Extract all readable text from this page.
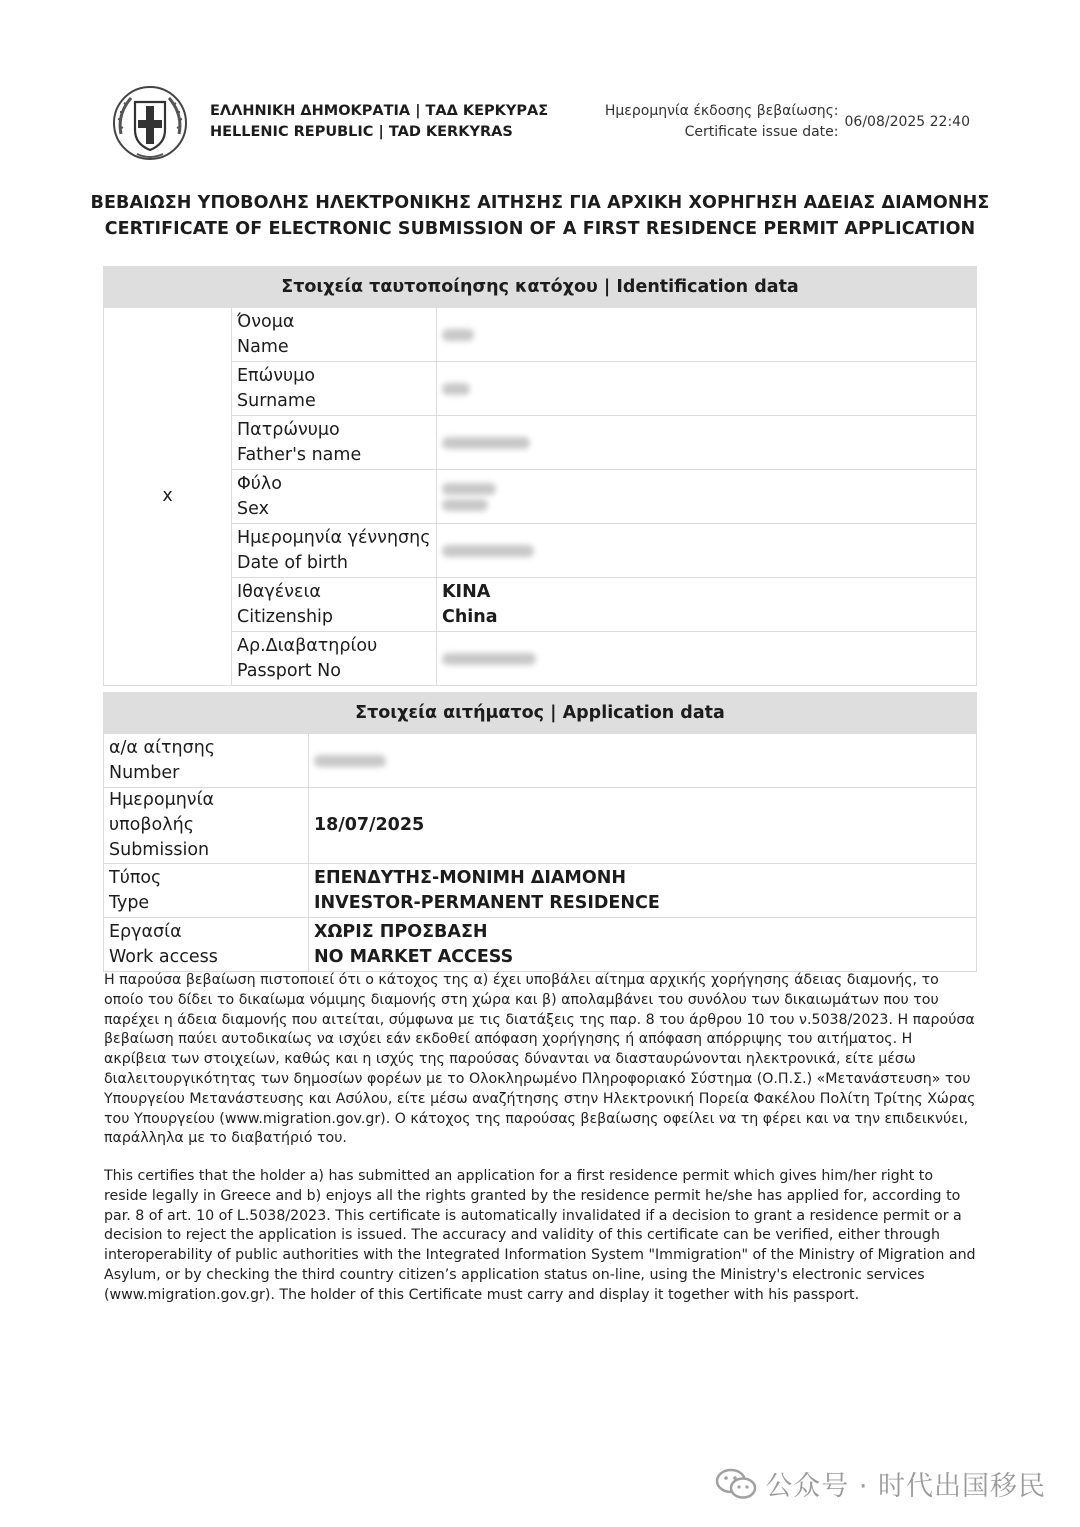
ΕΛΛΗΝΙΚΗ ΔΗΜΟΚΡΑΤΙΑ | ΤΑΔ ΚΕΡΚΥΡΑΣ
HELLENIC REPUBLIC | TAD KERKYRAS
Ημερομηνία έκδοσης βεβαίωσης:
Certificate issue date:
06/08/2025 22:40
ΒΕΒΑΙΩΣΗ ΥΠΟΒΟΛΗΣ ΗΛΕΚΤΡΟΝΙΚΗΣ ΑΙΤΗΣΗΣ ΓΙΑ ΑΡΧΙΚΗ ΧΟΡΗΓΗΣΗ ΑΔΕΙΑΣ ΔΙΑΜΟΝΗΣ
CERTIFICATE OF ELECTRONIC SUBMISSION OF A FIRST RESIDENCE PERMIT APPLICATION
Στοιχεία ταυτοποίησης κατόχου | Identification data		
x	Όνομα
Name	

	Επώνυμο
Surname	

	Πατρώνυμο
Father's name	

	Φύλο
Sex	

	Ημερομηνία γέννησης
Date of birth	

	Ιθαγένεια
Citizenship	ΚΙΝΑ
China

	Αρ.Διαβατηρίου
Passport No	

Στοιχεία αιτήματος | Application data	

α/α αίτησης
Number	

Ημερομηνία υποβολής
Submission	18/07/2025

Τύπος
Type	ΕΠΕΝΔΥΤΗΣ-ΜΟΝΙΜΗ ΔΙΑΜΟΝΗ
INVESTOR-PERMANENT RESIDENCE

Εργασία
Work access	ΧΩΡΙΣ ΠΡΟΣΒΑΣΗ
NO MARKET ACCESS

Η παρούσα βεβαίωση πιστοποιεί ότι ο κάτοχος της α) έχει υποβάλει αίτημα αρχικής χορήγησης άδειας διαμονής, το οποίο του δίδει το δικαίωμα νόμιμης διαμονής στη χώρα και β) απολαμβάνει του συνόλου των δικαιωμάτων που του παρέχει η άδεια διαμονής που αιτείται, σύμφωνα με τις διατάξεις της παρ. 8 του άρθρου 10 του ν.5038/2023. Η παρούσα βεβαίωση παύει αυτοδικαίως να ισχύει εάν εκδοθεί απόφαση χορήγησης ή απόφαση απόρριψης του αιτήματος. Η ακρίβεια των στοιχείων, καθώς και η ισχύς της παρούσας δύνανται να διασταυρώνονται ηλεκτρονικά, είτε μέσω διαλειτουργικότητας των δημοσίων φορέων με το Ολοκληρωμένο Πληροφοριακό Σύστημα (Ο.Π.Σ.) «Μετανάστευση» του Υπουργείου Μετανάστευσης και Ασύλου, είτε μέσω αναζήτησης στην Ηλεκτρονική Πορεία Φακέλου Πολίτη Τρίτης Χώρας του Υπουργείου (www.migration.gov.gr). Ο κάτοχος της παρούσας βεβαίωσης οφείλει να τη φέρει και να την επιδεικνύει, παράλληλα με το διαβατήριό του.

This certifies that the holder a) has submitted an application for a first residence permit which gives him/her right to reside legally in Greece and b) enjoys all the rights granted by the residence permit he/she has applied for, according to par. 8 of art. 10 of L.5038/2023. This certificate is automatically invalidated if a decision to grant a residence permit or a decision to reject the application is issued. The accuracy and validity of this certificate can be verified, either through interoperability of public authorities with the Integrated Information System "Immigration" of the Ministry of Migration and Asylum, or by checking the third country citizen’s application status on-line, using the Ministry's electronic services (www.migration.gov.gr). The holder of this Certificate must carry and display it together with his passport.

公众号 · 时代出国移民
